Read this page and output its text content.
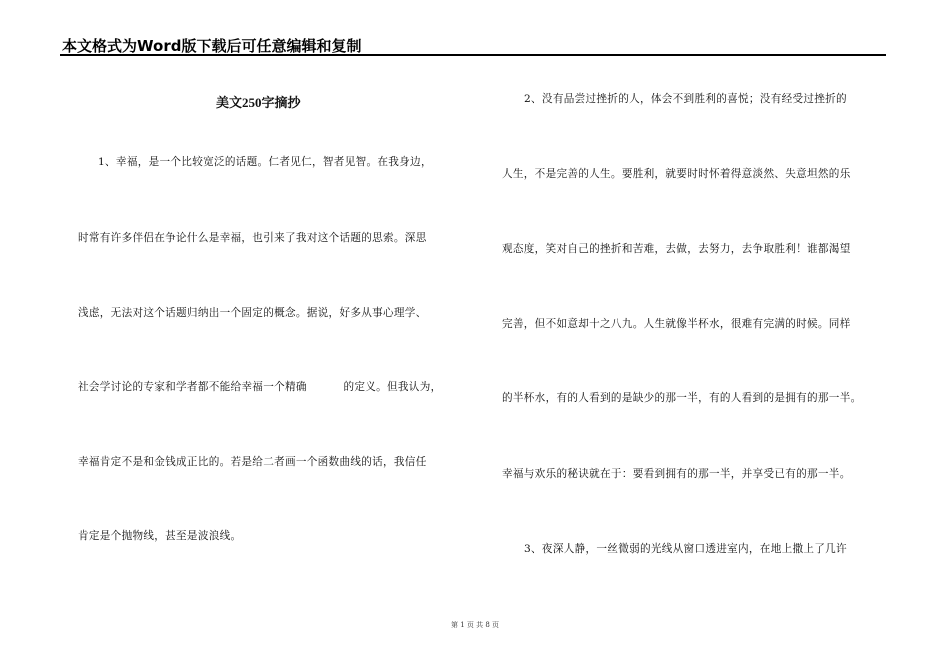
本文格式为Word版下载后可任意编辑和复制
美文250字摘抄
1、幸福，是一个比较宽泛的话题。仁者见仁，智者见智。在我身边，
时常有许多伴侣在争论什么是幸福，也引来了我对这个话题的思索。深思
浅虑，无法对这个话题归纳出一个固定的概念。据说，好多从事心理学、
社会学讨论的专家和学者都不能给幸福一个精确          的定义。但我认为，
幸福肯定不是和金钱成正比的。若是给二者画一个函数曲线的话，我信任
肯定是个抛物线，甚至是波浪线。
2、没有品尝过挫折的人，体会不到胜利的喜悦；没有经受过挫折的
人生，不是完善的人生。要胜利，就要时时怀着得意淡然、失意坦然的乐
观态度，笑对自己的挫折和苦难，去做，去努力，去争取胜利！谁都渴望
完善，但不如意却十之八九。人生就像半杯水，很难有完满的时候。同样
的半杯水，有的人看到的是缺少的那一半，有的人看到的是拥有的那一半。
幸福与欢乐的秘诀就在于：要看到拥有的那一半，并享受已有的那一半。
3、夜深人静，一丝微弱的光线从窗口透进室内，在地上撒上了几许
第 1 页 共 8 页
